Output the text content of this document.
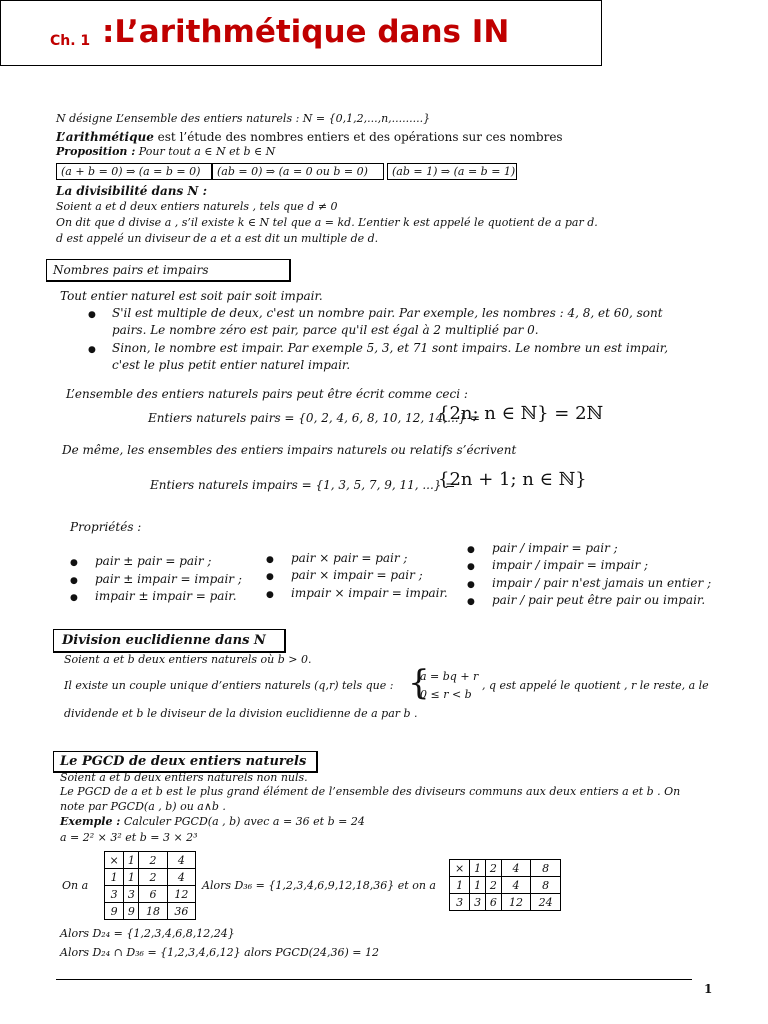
Ch. 1 :L’arithmétique dans IN
N désigne L’ensemble des entiers naturels : N = {0,1,2,...,n,.........}
L’arithmétique est l’étude des nombres entiers et des opérations sur ces nombres
Proposition : Pour tout a ∈ N et b ∈ N
(a + b = 0) ⇒ (a = b = 0)	(ab = 0) ⇒ (a = 0 ou b = 0)	(ab = 1) ⇒ (a = b = 1)
La divisibilité dans N :
Soient a et d deux entiers naturels , tels que d ≠ 0
On dit que d divise a , s’il existe k ∈ N tel que a = kd. L’entier k est appelé le quotient de a par d.
d est appelé un diviseur de a et a est dit un multiple de d.
Nombres pairs et impairs
Tout entier naturel est soit pair soit impair.
● S'il est multiple de deux, c'est un nombre pair. Par exemple, les nombres : 4, 8, et 60, sont
pairs. Le nombre zéro est pair, parce qu'il est égal à 2 multiplié par 0.
● Sinon, le nombre est impair. Par exemple 5, 3, et 71 sont impairs. Le nombre un est impair,
c'est le plus petit entier naturel impair.
L’ensemble des entiers naturels pairs peut être écrit comme ceci :
Entiers naturels pairs = {0, 2, 4, 6, 8, 10, 12, 14,...} =
{2n; n ∈ ℕ} = 2ℕ
De même, les ensembles des entiers impairs naturels ou relatifs s’écrivent
Entiers naturels impairs = {1, 3, 5, 7, 9, 11, ...} =
{2n + 1; n ∈ ℕ}
Propriétés :
● pair ± pair = pair ;
● pair ± impair = impair ;
● impair ± impair = pair.
● pair × pair = pair ;
● pair × impair = pair ;
● impair × impair = impair.
● pair / impair = pair ;
● impair / impair = impair ;
● impair / pair n'est jamais un entier ;
● pair / pair peut être pair ou impair.
Division euclidienne dans N
Soient a et b deux entiers naturels où b > 0.
Il existe un couple unique d’entiers naturels (q,r) tels que : {
a = bq + r
0 ≤ r < b
, q est appelé le quotient , r le reste, a le
dividende et b le diviseur de la division euclidienne de a par b .
Le PGCD de deux entiers naturels
Soient a et b deux entiers naturels non nuls.
Le PGCD de a et b est le plus grand élément de l’ensemble des diviseurs communs aux deux entiers a et b . On
note par PGCD(a , b) ou a∧b .
Exemple : Calculer PGCD(a , b) avec a = 36 et b = 24
a = 2² × 3² et b = 3 × 2³
On a
×	1	2	4
1	1	2	4
3	3	6	12
9	9	18	36
Alors D₃₆ = {1,2,3,4,6,9,12,18,36} et on a
×	1	2	4	8
1	1	2	4	8
3	3	6	12	24
Alors D₂₄ = {1,2,3,4,6,8,12,24}
Alors D₂₄ ∩ D₃₆ = {1,2,3,4,6,12} alors PGCD(24,36) = 12
1
